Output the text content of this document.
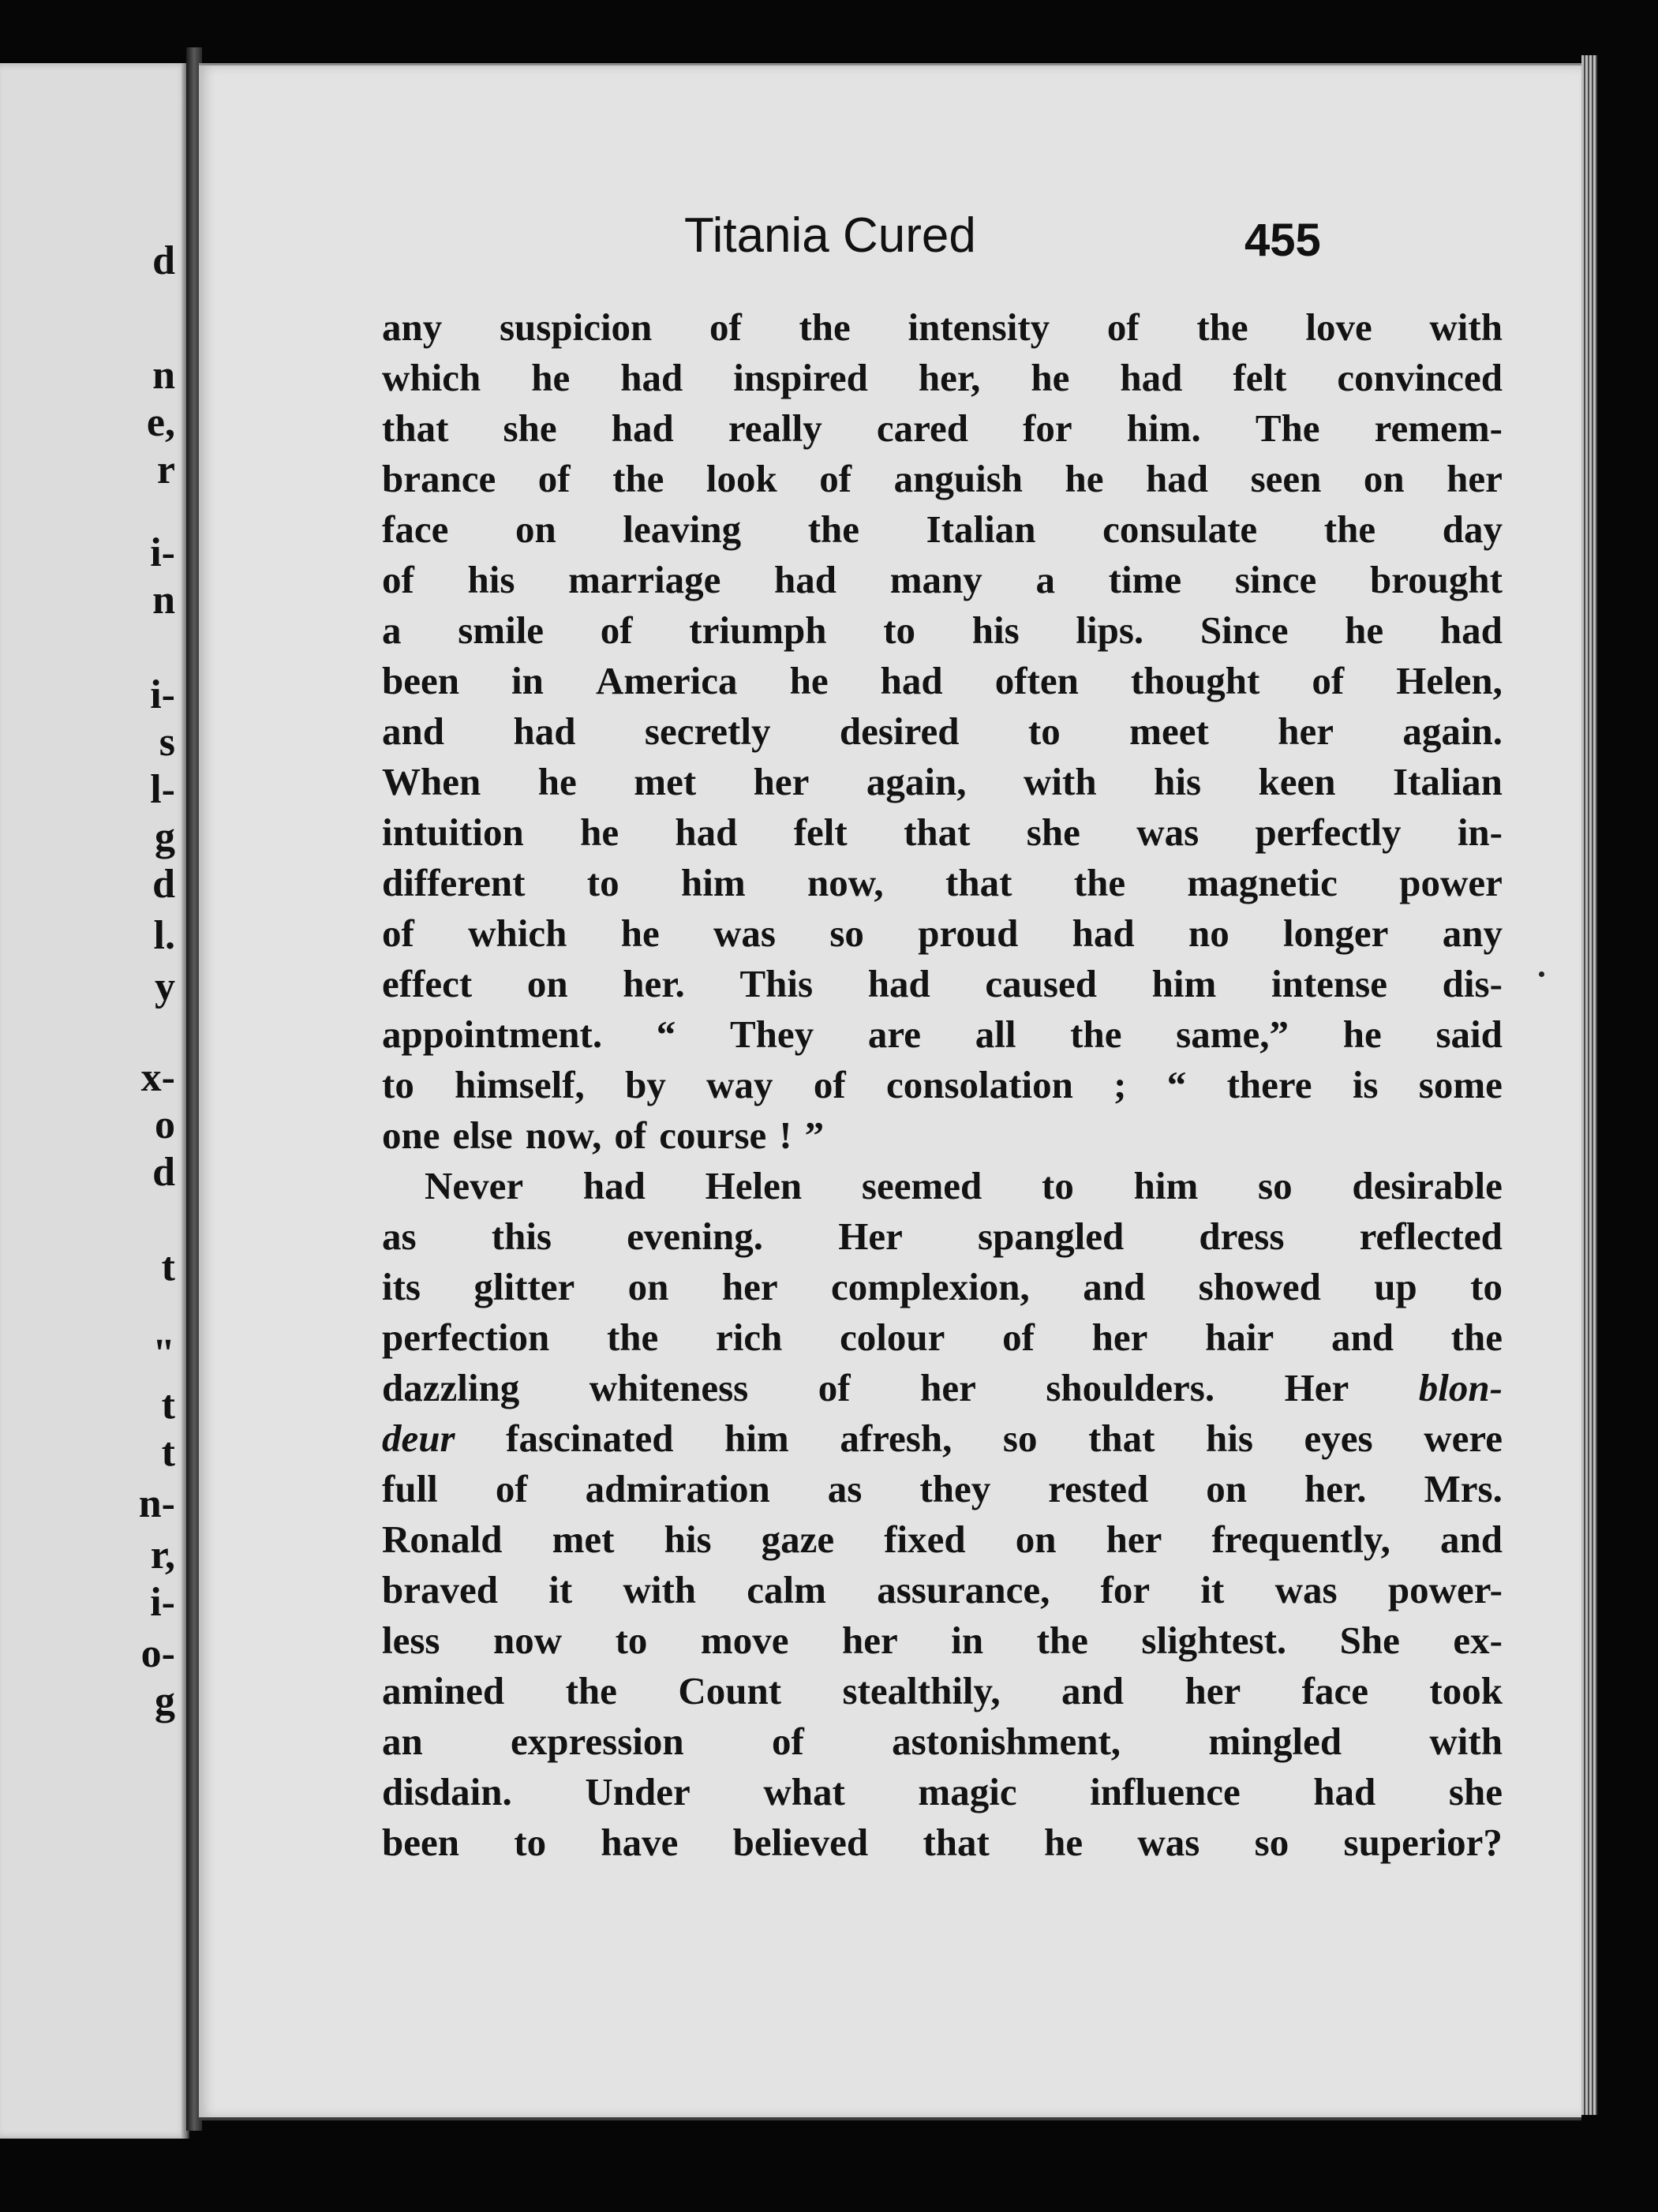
d
n
e,
r
i-
n
i-
s
l-
g
d
l.
y
x-
o
d
t
"
t
t
n-
r,
i-
o-
g
Titania Cured	455
any suspicion of the intensity of the love with
which he had inspired her, he had felt convinced
that she had really cared for him. The remem-
brance of the look of anguish he had seen on her
face on leaving the Italian consulate the day
of his marriage had many a time since brought
a smile of triumph to his lips. Since he had
been in America he had often thought of Helen,
and had secretly desired to meet her again.
When he met her again, with his keen Italian
intuition he had felt that she was perfectly in-
different to him now, that the magnetic power
of which he was so proud had no longer any
effect on her. This had caused him intense dis-
appointment. “ They are all the same,” he said
to himself, by way of consolation ; “ there is some
one else now, of course ! ”
Never had Helen seemed to him so desirable
as this evening. Her spangled dress reflected
its glitter on her complexion, and showed up to
perfection the rich colour of her hair and the
dazzling whiteness of her shoulders. Her blon-
deur fascinated him afresh, so that his eyes were
full of admiration as they rested on her. Mrs.
Ronald met his gaze fixed on her frequently, and
braved it with calm assurance, for it was power-
less now to move her in the slightest. She ex-
amined the Count stealthily, and her face took
an expression of astonishment, mingled with
disdain. Under what magic influence had she
been to have believed that he was so superior?
